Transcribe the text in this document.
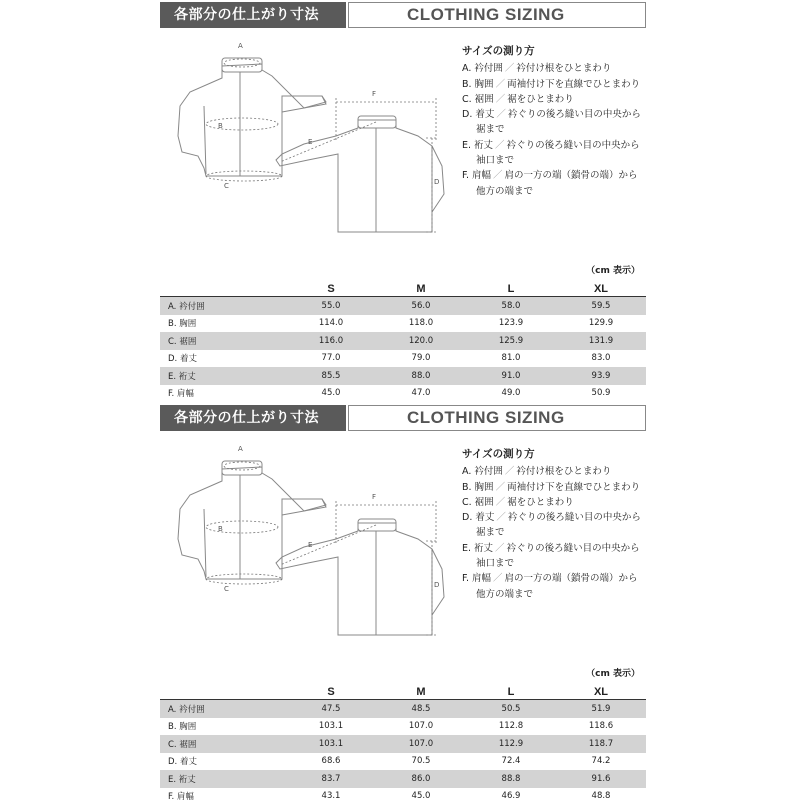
各部分の仕上がり寸法	CLOTHING SIZING
A
B
C	D
E
F
サイズの測り方
A. 衿付囲 ／ 衿付け根をひとまわり
B. 胸囲 ／ 両袖付け下を直線でひとまわり
C. 裾囲 ／ 裾をひとまわり
D. 着丈 ／ 衿ぐりの後ろ縫い目の中央から
裾まで
E. 裄丈 ／ 衿ぐりの後ろ縫い目の中央から
袖口まで
F. 肩幅 ／ 肩の一方の端（鎖骨の端）から
他方の端まで
（cm 表示）
	S	M	L	XL
A. 衿付囲	55.0	56.0	58.0	59.5
B. 胸囲	114.0	118.0	123.9	129.9
C. 裾囲	116.0	120.0	125.9	131.9
D. 着丈	77.0	79.0	81.0	83.0
E. 裄丈	85.5	88.0	91.0	93.9
F. 肩幅	45.0	47.0	49.0	50.9
各部分の仕上がり寸法	CLOTHING SIZING
A
B
C	D
E
F
サイズの測り方
A. 衿付囲 ／ 衿付け根をひとまわり
B. 胸囲 ／ 両袖付け下を直線でひとまわり
C. 裾囲 ／ 裾をひとまわり
D. 着丈 ／ 衿ぐりの後ろ縫い目の中央から
裾まで
E. 裄丈 ／ 衿ぐりの後ろ縫い目の中央から
袖口まで
F. 肩幅 ／ 肩の一方の端（鎖骨の端）から
他方の端まで
（cm 表示）
	S	M	L	XL
A. 衿付囲	47.5	48.5	50.5	51.9
B. 胸囲	103.1	107.0	112.8	118.6
C. 裾囲	103.1	107.0	112.9	118.7
D. 着丈	68.6	70.5	72.4	74.2
E. 裄丈	83.7	86.0	88.8	91.6
F. 肩幅	43.1	45.0	46.9	48.8
